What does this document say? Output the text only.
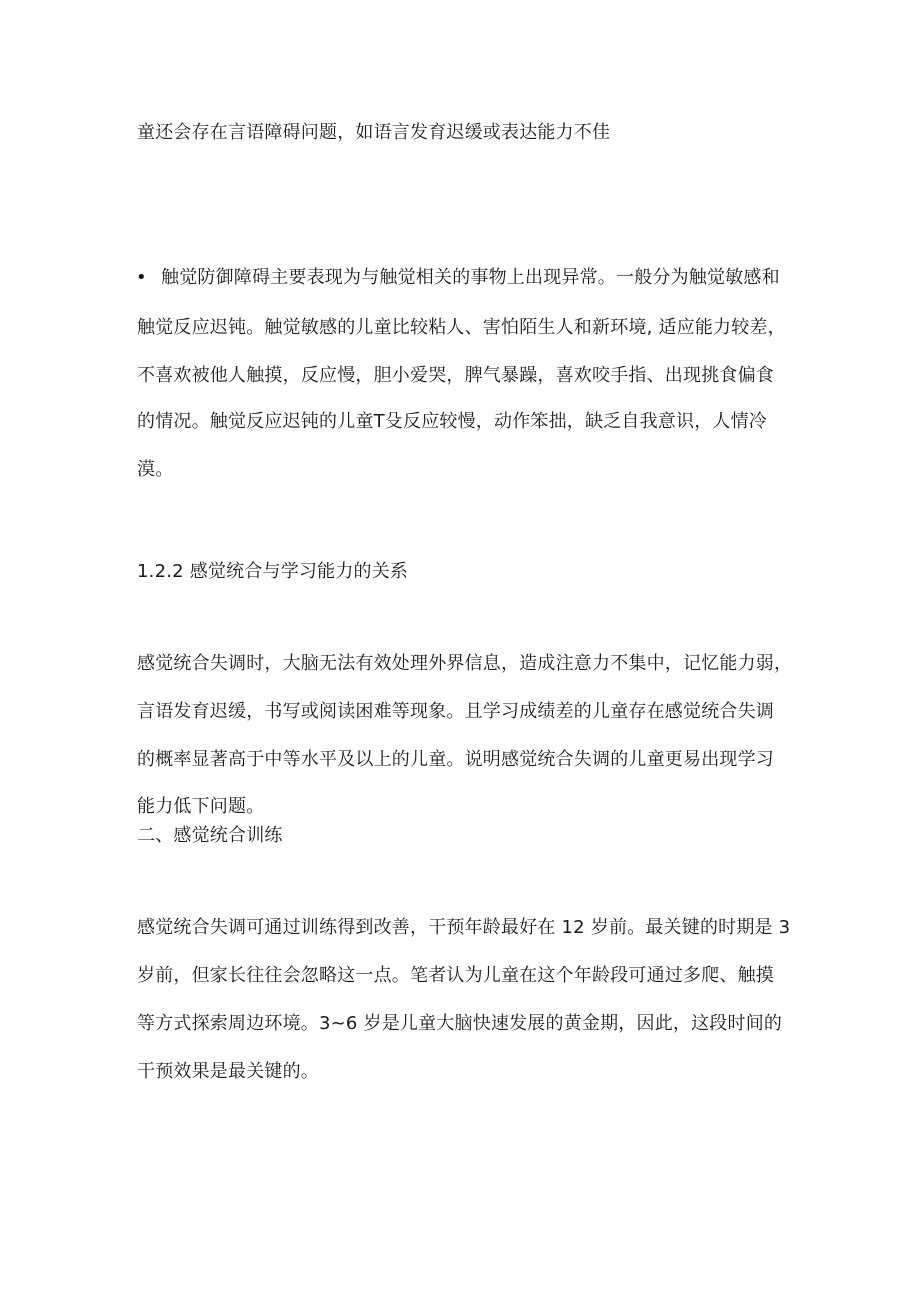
童还会存在言语障碍问题，如语言发育迟缓或表达能力不佳
• 触觉防御障碍主要表现为与触觉相关的事物上出现异常。一般分为触觉敏感和
触觉反应迟钝。触觉敏感的儿童比较粘人、害怕陌生人和新环境, 适应能力较差，
不喜欢被他人触摸，反应慢，胆小爱哭，脾气暴躁，喜欢咬手指、出现挑食偏食
的情况。触觉反应迟钝的儿童T殳反应较慢，动作笨拙，缺乏自我意识，人情冷
漠。
1.2.2 感觉统合与学习能力的关系
感觉统合失调时，大脑无法有效处理外界信息，造成注意力不集中，记忆能力弱，
言语发育迟缓，书写或阅读困难等现象。且学习成绩差的儿童存在感觉统合失调
的概率显著高于中等水平及以上的儿童。说明感觉统合失调的儿童更易出现学习
能力低下问题。
二、感觉统合训练
感觉统合失调可通过训练得到改善，干预年龄最好在 12 岁前。最关键的时期是 3
岁前，但家长往往会忽略这一点。笔者认为儿童在这个年龄段可通过多爬、触摸
等方式探索周边环境。3~6 岁是儿童大脑快速发展的黄金期，因此，这段时间的
干预效果是最关键的。
